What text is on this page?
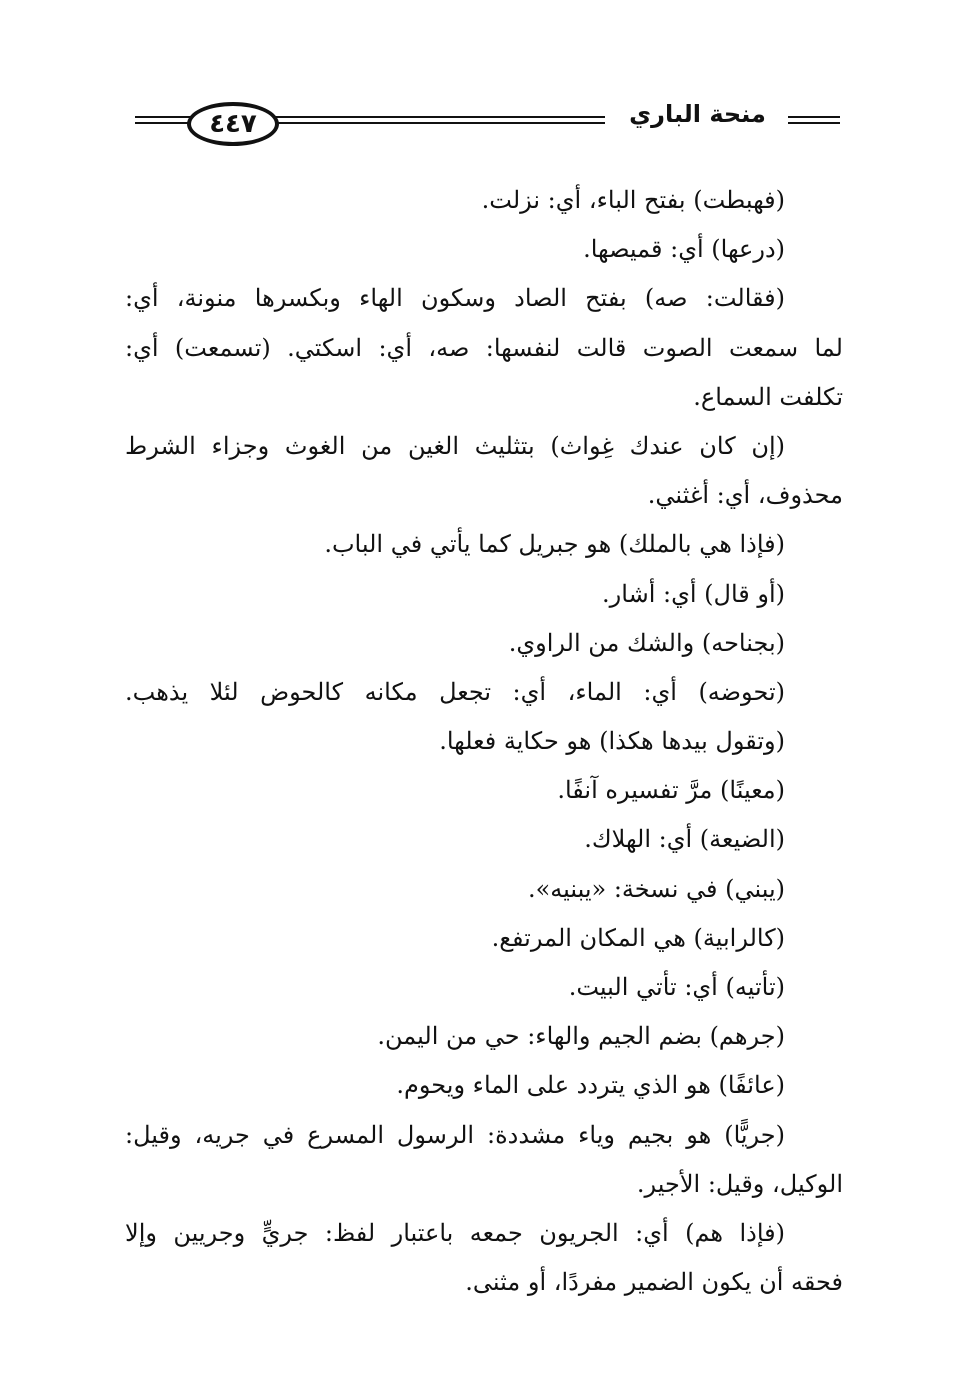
٤٤٧	منحة الباري
(فهبطت) بفتح الباء، أي: نزلت.
(درعها) أي: قميصها.
(فقالت: صه) بفتح الصاد وسكون الهاء وبكسرها منونة، أي:
لما سمعت الصوت قالت لنفسها: صه، أي: اسكتي. (تسمعت) أي:
تكلفت السماع.
(إن كان عندك غِواث) بتثليث الغين من الغوث وجزاء الشرط
محذوف، أي: أغثني.
(فإذا هي بالملك) هو جبريل كما يأتي في الباب.
(أو قال) أي: أشار.
(بجناحه) والشك من الراوي.
(تحوضه) أي: الماء، أي: تجعل مكانه كالحوض لئلا يذهب.
(وتقول بيدها هكذا) هو حكاية فعلها.
(معينًا) مرَّ تفسيره آنفًا.
(الضيعة) أي: الهلاك.
(يبني) في نسخة: «يبنيه».
(كالرابية) هي المكان المرتفع.
(تأتيه) أي: تأتي البيت.
(جرهم) بضم الجيم والهاء: حي من اليمن.
(عائفًا) هو الذي يتردد على الماء ويحوم.
(جريًّا) هو بجيم وياء مشددة: الرسول المسرع في جريه، وقيل:
الوكيل، وقيل: الأجير.
(فإذا هم) أي: الجريون جمعه باعتبار لفظ: جريٍّ وجريين وإلا
فحقه أن يكون الضمير مفردًا، أو مثنى.
